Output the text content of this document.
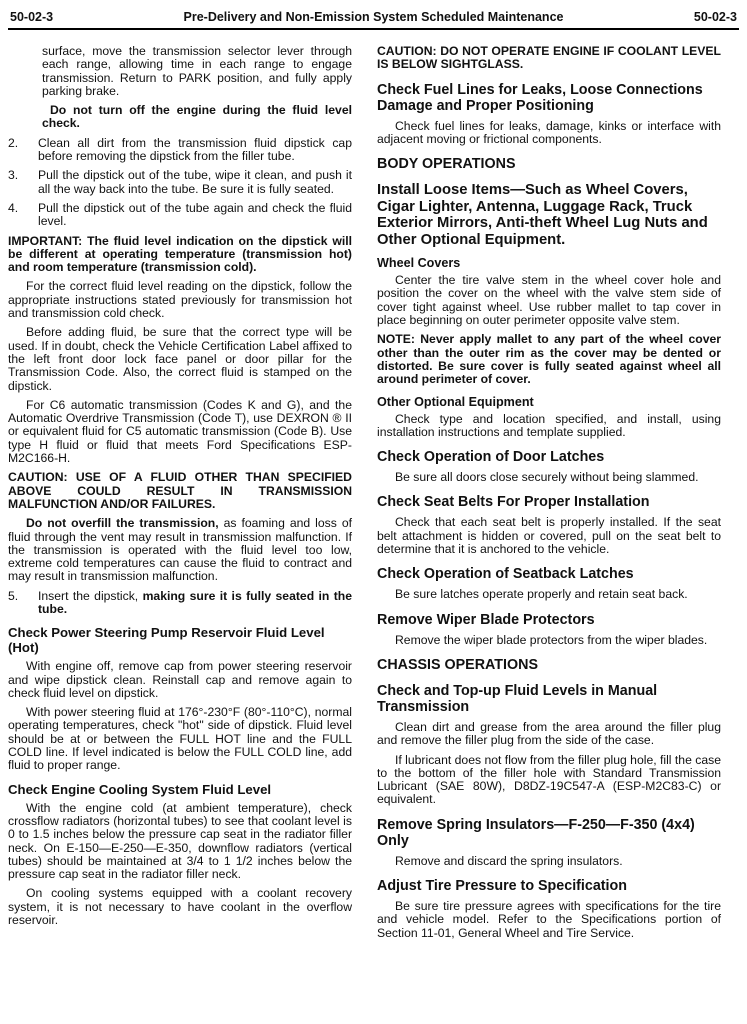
50-02-3	Pre-Delivery and Non-Emission System Scheduled Maintenance	50-02-3

surface, move the transmission selector lever through each range, allowing time in each range to engage transmission. Return to PARK position, and fully apply parking brake.

Do not turn off the engine during the fluid level check.

2.	Clean all dirt from the transmission fluid dipstick cap before removing the dipstick from the filler tube.
3.	Pull the dipstick out of the tube, wipe it clean, and push it all the way back into the tube. Be sure it is fully seated.
4.	Pull the dipstick out of the tube again and check the fluid level.

IMPORTANT: The fluid level indication on the dipstick will be different at operating temperature (transmission hot) and room temperature (transmission cold).

For the correct fluid level reading on the dipstick, follow the appropriate instructions stated previously for transmission hot and transmission cold check.

Before adding fluid, be sure that the correct type will be used. If in doubt, check the Vehicle Certification Label affixed to the left front door lock face panel or door pillar for the Transmission Code. Also, the correct fluid is stamped on the dipstick.

For C6 automatic transmission (Codes K and G), and the Automatic Overdrive Transmission (Code T), use DEXRON ® II or equivalent fluid for C5 automatic transmission (Code B). Use type H fluid or fluid that meets Ford Specifications ESP-M2C166-H.

CAUTION: USE OF A FLUID OTHER THAN SPECIFIED ABOVE COULD RESULT IN TRANSMISSION MALFUNCTION AND/OR FAILURES.

Do not overfill the transmission, as foaming and loss of fluid through the vent may result in transmission malfunction. If the transmission is operated with the fluid level too low, extreme cold temperatures can cause the fluid to contract and may result in transmission malfunction.

5.	Insert the dipstick, making sure it is fully seated in the tube.
Check Power Steering Pump Reservoir Fluid Level (Hot)

With engine off, remove cap from power steering reservoir and wipe dipstick clean. Reinstall cap and remove again to check fluid level on dipstick.

With power steering fluid at 176°-230°F (80°-110°C), normal operating temperatures, check "hot" side of dipstick. Fluid level should be at or between the FULL HOT line and the FULL COLD line. If level indicated is below the FULL COLD line, add fluid to proper range.

Check Engine Cooling System Fluid Level

With the engine cold (at ambient temperature), check crossflow radiators (horizontal tubes) to see that coolant level is 0 to 1.5 inches below the pressure cap seat in the radiator filler neck. On E-150—E-250—E-350, downflow radiators (vertical tubes) should be maintained at 3/4 to 1 1/2 inches below the pressure cap seat in the radiator filler neck.

On cooling systems equipped with a coolant recovery system, it is not necessary to have coolant in the overflow reservoir.

CAUTION: DO NOT OPERATE ENGINE IF COOLANT LEVEL IS BELOW SIGHTGLASS.

Check Fuel Lines for Leaks, Loose Connections Damage and Proper Positioning

Check fuel lines for leaks, damage, kinks or interface with adjacent moving or frictional components.

BODY OPERATIONS
Install Loose Items—Such as Wheel Covers, Cigar Lighter, Antenna, Luggage Rack, Truck Exterior Mirrors, Anti-theft Wheel Lug Nuts and Other Optional Equipment.
Wheel Covers

Center the tire valve stem in the wheel cover hole and position the cover on the wheel with the valve stem side of cover tight against wheel. Use rubber mallet to tap cover in place beginning on outer perimeter opposite valve stem.

NOTE: Never apply mallet to any part of the wheel cover other than the outer rim as the cover may be dented or distorted. Be sure cover is fully seated against wheel all around perimeter of cover.

Other Optional Equipment

Check type and location specified, and install, using installation instructions and template supplied.

Check Operation of Door Latches

Be sure all doors close securely without being slammed.

Check Seat Belts For Proper Installation

Check that each seat belt is properly installed. If the seat belt attachment is hidden or covered, pull on the seat belt to determine that it is anchored to the vehicle.

Check Operation of Seatback Latches

Be sure latches operate properly and retain seat back.

Remove Wiper Blade Protectors

Remove the wiper blade protectors from the wiper blades.

CHASSIS OPERATIONS
Check and Top-up Fluid Levels in Manual Transmission

Clean dirt and grease from the area around the filler plug and remove the filler plug from the side of the case.

If lubricant does not flow from the filler plug hole, fill the case to the bottom of the filler hole with Standard Transmission Lubricant (SAE 80W), D8DZ-19C547-A (ESP-M2C83-C) or equivalent.

Remove Spring Insulators—F-250—F-350 (4x4) Only

Remove and discard the spring insulators.

Adjust Tire Pressure to Specification

Be sure tire pressure agrees with specifications for the tire and vehicle model. Refer to the Specifications portion of Section 11-01, General Wheel and Tire Service.
